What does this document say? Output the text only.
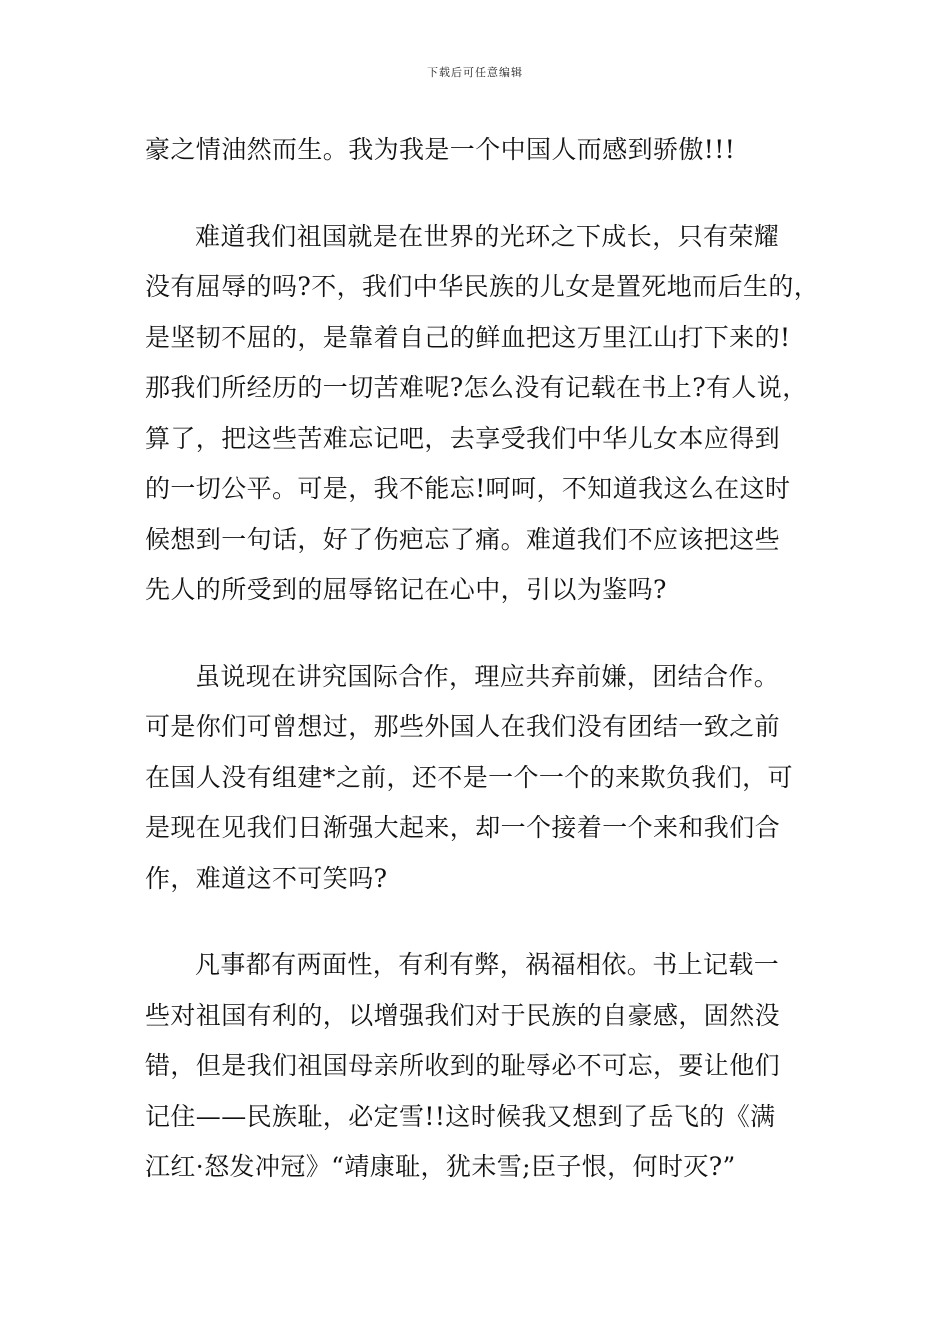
下载后可任意编辑
豪之情油然而生。我为我是一个中国人而感到骄傲!!!
难道我们祖国就是在世界的光环之下成长，只有荣耀
没有屈辱的吗?不，我们中华民族的儿女是置死地而后生的，
是坚韧不屈的，是靠着自己的鲜血把这万里江山打下来的!
那我们所经历的一切苦难呢?怎么没有记载在书上?有人说，
算了，把这些苦难忘记吧，去享受我们中华儿女本应得到
的一切公平。可是，我不能忘!呵呵，不知道我这么在这时
候想到一句话，好了伤疤忘了痛。难道我们不应该把这些
先人的所受到的屈辱铭记在心中，引以为鉴吗?
虽说现在讲究国际合作，理应共弃前嫌，团结合作。
可是你们可曾想过，那些外国人在我们没有团结一致之前
在国人没有组建*之前，还不是一个一个的来欺负我们，可
是现在见我们日渐强大起来，却一个接着一个来和我们合
作，难道这不可笑吗?
凡事都有两面性，有利有弊，祸福相依。书上记载一
些对祖国有利的，以增强我们对于民族的自豪感，固然没
错，但是我们祖国母亲所收到的耻辱必不可忘，要让他们
记住——民族耻，必定雪!!这时候我又想到了岳飞的《满
江红·怒发冲冠》“靖康耻，犹未雪;臣子恨，何时灭?”
